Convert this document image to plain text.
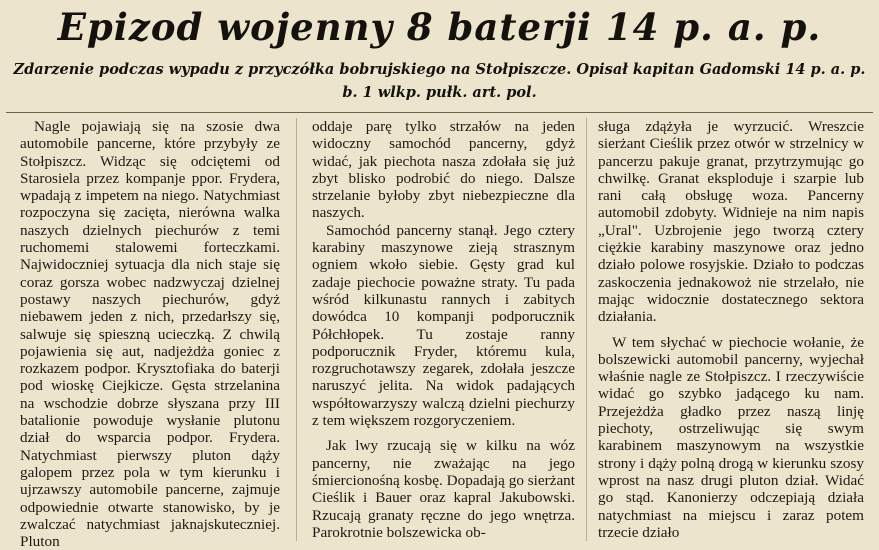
Epizod wojenny 8 baterji 14 p. a. p.
Zdarzenie podczas wypadu z przyczółka bobrujskiego na Stołpiszcze. Opisał kapitan Gadomski 14 p. a. p. b. 1 wlkp. pułk. art. pol.

Nagle pojawiają się na szosie dwa automobile pancerne, które przybyły ze Stołpiszcz. Widząc się odciętemi od Starosiela przez kompanje ppor. Frydera, wpadają z impetem na niego. Natychmiast rozpoczyna się zacięta, nierówna walka naszych dzielnych piechurów z temi ruchomemi stalowemi forteczkami. Najwidoczniej sytuacja dla nich staje się coraz gorsza wobec nadzwyczaj dzielnej postawy naszych piechurów, gdyż niebawem jeden z nich, przedarłszy się, salwuje się spieszną ucieczką. Z chwilą pojawienia się aut, nadjeżdża goniec z rozkazem podpor. Krysztofiaka do baterji pod wioskę Ciejkicze. Gęsta strzelanina na wschodzie dobrze słyszana przy III batalionie powoduje wysłanie plutonu dział do wsparcia podpor. Frydera. Natychmiast pierwszy pluton dąży galopem przez pola w tym kierunku i ujrzawszy automobile pancerne, zajmuje odpowiednie otwarte stanowisko, by je zwalczać natychmiast jaknajskuteczniej. Pluton

oddaje parę tylko strzałów na jeden widoczny samochód pancerny, gdyż widać, jak piechota nasza zdołała się już zbyt blisko podrobić do niego. Dalsze strzelanie byłoby zbyt niebezpieczne dla naszych.

Samochód pancerny stanął. Jego cztery karabiny maszynowe zieją strasznym ogniem wkoło siebie. Gęsty grad kul zadaje piechocie poważne straty. Tu pada wśród kilkunastu rannych i zabitych dowódca 10 kompanji podporucznik Półchłopek. Tu zostaje ranny podporucznik Fryder, któremu kula, rozgruchotawszy zegarek, zdołała jeszcze naruszyć jelita. Na widok padających współtowarzyszy walczą dzielni piechurzy z tem większem rozgoryczeniem.

Jak lwy rzucają się w kilku na wóz pancerny, nie zważając na jego śmiercionośną kosbę. Dopadają go sierżant Cieślik i Bauer oraz kapral Jakubowski. Rzucają granaty ręczne do jego wnętrza. Parokrotnie bolszewicka ob-

sługa zdążyła je wyrzucić. Wreszcie sierżant Cieślik przez otwór w strzelnicy w pancerzu pakuje granat, przytrzymując go chwilkę. Granat eksploduje i szarpie lub rani całą obsługę woza. Pancerny automobil zdobyty. Widnieje na nim napis „Ural". Uzbrojenie jego tworzą cztery ciężkie karabiny maszynowe oraz jedno działo polowe rosyjskie. Działo to podczas zaskoczenia jednakowoż nie strzelało, nie mając widocznie dostatecznego sektora działania.

W tem słychać w piechocie wołanie, że bolszewicki automobil pancerny, wyjechał właśnie nagle ze Stołpiszcz. I rzeczywiście widać go szybko jadącego ku nam. Przejeżdża gładko przez naszą linję piechoty, ostrzeliwując się swym karabinem maszynowym na wszystkie strony i dąży polną drogą w kierunku szosy wprost na nasz drugi pluton dział. Widać go stąd. Kanonierzy odczepiają działa natychmiast na miejscu i zaraz potem trzecie działo
